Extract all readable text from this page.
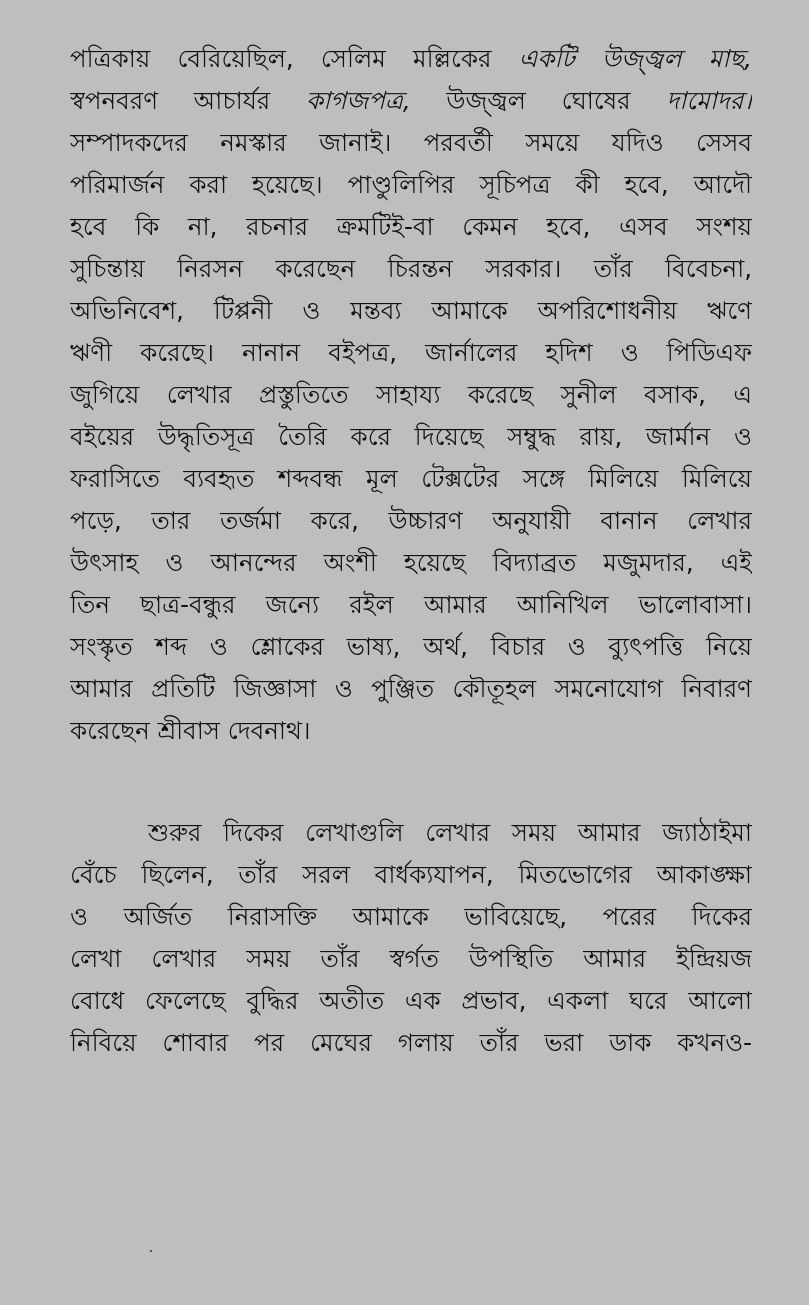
পত্রিকায় বেরিয়েছিল, সেলিম মল্লিকের একটি উজ্জ্বল মাছ,
স্বপনবরণ আচার্যর কাগজপত্র, উজ্জ্বল ঘোষের দামোদর।
সম্পাদকদের নমস্কার জানাই। পরবর্তী সময়ে যদিও সেসব
পরিমার্জন করা হয়েছে। পাণ্ডুলিপির সূচিপত্র কী হবে, আদৌ
হবে কি না, রচনার ক্রমটিই-বা কেমন হবে, এসব সংশয়
সুচিন্তায় নিরসন করেছেন চিরন্তন সরকার। তাঁর বিবেচনা,
অভিনিবেশ, টিপ্পনী ও মন্তব্য আমাকে অপরিশোধনীয় ঋণে
ঋণী করেছে। নানান বইপত্র, জার্নালের হদিশ ও পিডিএফ
জুগিয়ে লেখার প্রস্তুতিতে সাহায্য করেছে সুনীল বসাক, এ
বইয়ের উদ্ধৃতিসূত্র তৈরি করে দিয়েছে সম্বুদ্ধ রায়, জার্মান ও
ফরাসিতে ব্যবহৃত শব্দবন্ধ মূল টেক্সটের সঙ্গে মিলিয়ে মিলিয়ে
পড়ে, তার তর্জমা করে, উচ্চারণ অনুযায়ী বানান লেখার
উৎসাহ ও আনন্দের অংশী হয়েছে বিদ্যাব্রত মজুমদার, এই
তিন ছাত্র-বন্ধুর জন্যে রইল আমার আনিখিল ভালোবাসা।
সংস্কৃত শব্দ ও শ্লোকের ভাষ্য, অর্থ, বিচার ও ব্যুৎপত্তি নিয়ে
আমার প্রতিটি জিজ্ঞাসা ও পুঞ্জিত কৌতূহল সমনোযোগ নিবারণ
করেছেন শ্রীবাস দেবনাথ।
শুরুর দিকের লেখাগুলি লেখার সময় আমার জ্যাঠাইমা
বেঁচে ছিলেন, তাঁর সরল বার্ধক্যযাপন, মিতভোগের আকাঙ্ক্ষা
ও অর্জিত নিরাসক্তি আমাকে ভাবিয়েছে, পরের দিকের
লেখা লেখার সময় তাঁর স্বর্গত উপস্থিতি আমার ইন্দ্রিয়জ
বোধে ফেলেছে বুদ্ধির অতীত এক প্রভাব, একলা ঘরে আলো
নিবিয়ে শোবার পর মেঘের গলায় তাঁর ভরা ডাক কখনও-
